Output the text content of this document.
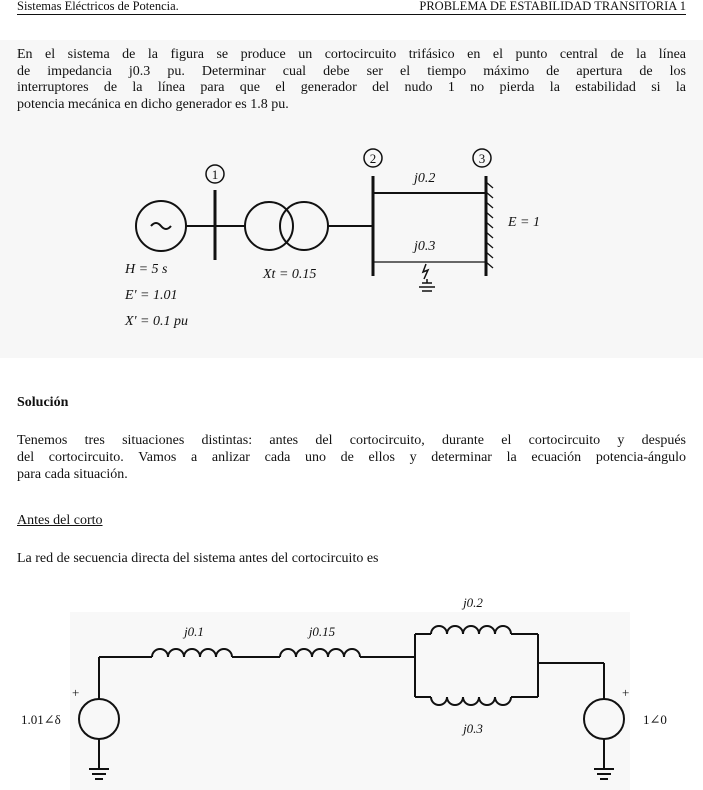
Sistemas Eléctricos de Potencia.	PROBLEMA DE ESTABILIDAD TRANSITORIA 1
En el sistema de la figura se produce un cortocircuito trifásico en el punto central de la línea
de impedancia j0.3 pu. Determinar cual debe ser el tiempo máximo de apertura de los
interruptores de la línea para que el generador del nudo 1 no pierda la estabilidad si la
potencia mecánica en dicho generador es 1.8 pu.
1
2	3
j0.2
j0.3
E = 1
Xt = 0.15
H = 5 s
E' = 1.01
X' = 0.1 pu
Solución
Tenemos tres situaciones distintas: antes del cortocircuito, durante el cortocircuito y después
del cortocircuito. Vamos a anlizar cada uno de ellos y determinar la ecuación potencia-ángulo
para cada situación.
Antes del corto
La red de secuencia directa del sistema antes del cortocircuito es
j0.1	j0.15
j0.2
j0.3
1.01∠δ	1∠0
+	+
